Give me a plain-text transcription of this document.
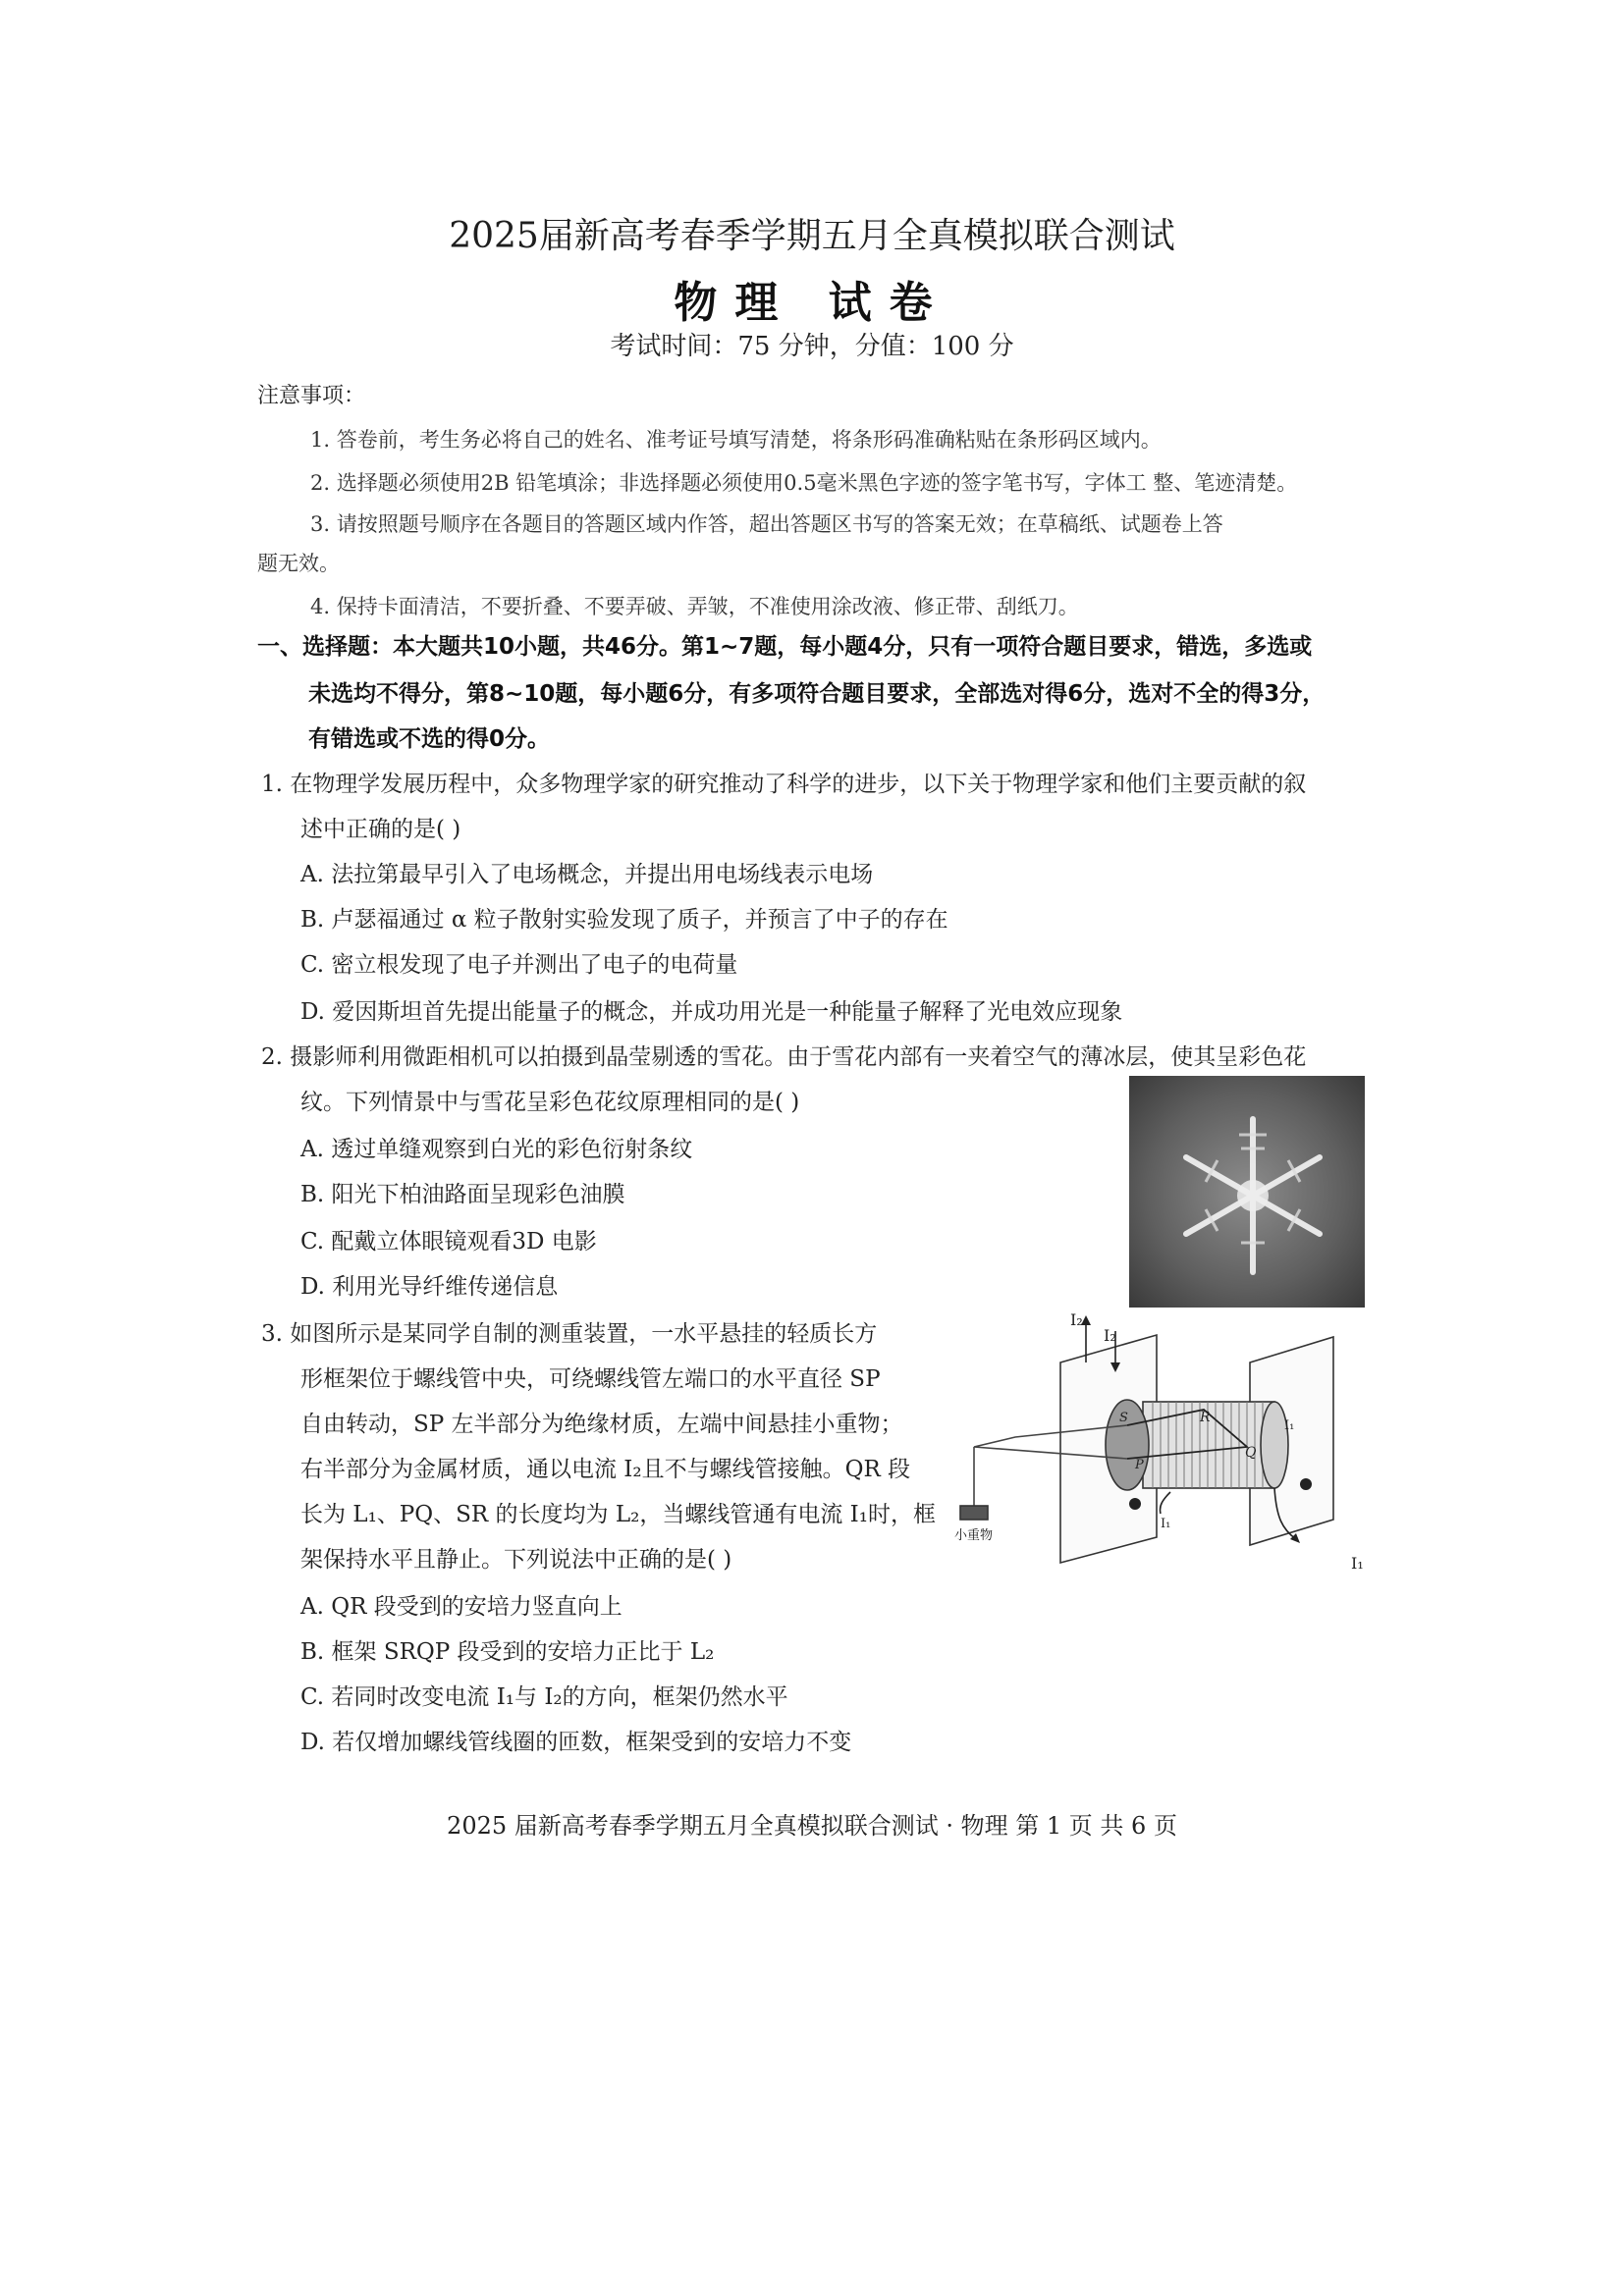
2025届新高考春季学期五月全真模拟联合测试
物理 试卷
考试时间：75 分钟，分值：100 分
注意事项：
1. 答卷前，考生务必将自己的姓名、准考证号填写清楚，将条形码准确粘贴在条形码区域内。
2. 选择题必须使用2B 铅笔填涂；非选择题必须使用0.5毫米黑色字迹的签字笔书写，字体工 整、笔迹清楚。
3. 请按照题号顺序在各题目的答题区域内作答，超出答题区书写的答案无效；在草稿纸、试题卷上答
题无效。
4. 保持卡面清洁，不要折叠、不要弄破、弄皱，不准使用涂改液、修正带、刮纸刀。
一、选择题：本大题共10小题，共46分。第1~7题，每小题4分，只有一项符合题目要求，错选，多选或
未选均不得分，第8~10题，每小题6分，有多项符合题目要求，全部选对得6分，选对不全的得3分，
有错选或不选的得0分。
1. 在物理学发展历程中，众多物理学家的研究推动了科学的进步，以下关于物理学家和他们主要贡献的叙
述中正确的是( )
A. 法拉第最早引入了电场概念，并提出用电场线表示电场
B. 卢瑟福通过 α 粒子散射实验发现了质子，并预言了中子的存在
C. 密立根发现了电子并测出了电子的电荷量
D. 爱因斯坦首先提出能量子的概念，并成功用光是一种能量子解释了光电效应现象
2. 摄影师利用微距相机可以拍摄到晶莹剔透的雪花。由于雪花内部有一夹着空气的薄冰层，使其呈彩色花
纹。下列情景中与雪花呈彩色花纹原理相同的是( )
A. 透过单缝观察到白光的彩色衍射条纹
B. 阳光下柏油路面呈现彩色油膜
C. 配戴立体眼镜观看3D 电影
D. 利用光导纤维传递信息
3. 如图所示是某同学自制的测重装置，一水平悬挂的轻质长方
形框架位于螺线管中央，可绕螺线管左端口的水平直径 SP
自由转动，SP 左半部分为绝缘材质，左端中间悬挂小重物；
右半部分为金属材质，通以电流 I₂且不与螺线管接触。QR 段
长为 L₁、PQ、SR 的长度均为 L₂，当螺线管通有电流 I₁时，框
架保持水平且静止。下列说法中正确的是( )
A. QR 段受到的安培力竖直向上
B. 框架 SRQP 段受到的安培力正比于 L₂
C. 若同时改变电流 I₁与 I₂的方向，框架仍然水平
D. 若仅增加螺线管线圈的匝数，框架受到的安培力不变
I₂
I₂
S
P
R
Q
I₁
I₁
I₁
小重物
2025 届新高考春季学期五月全真模拟联合测试 · 物理 第 1 页 共 6 页
